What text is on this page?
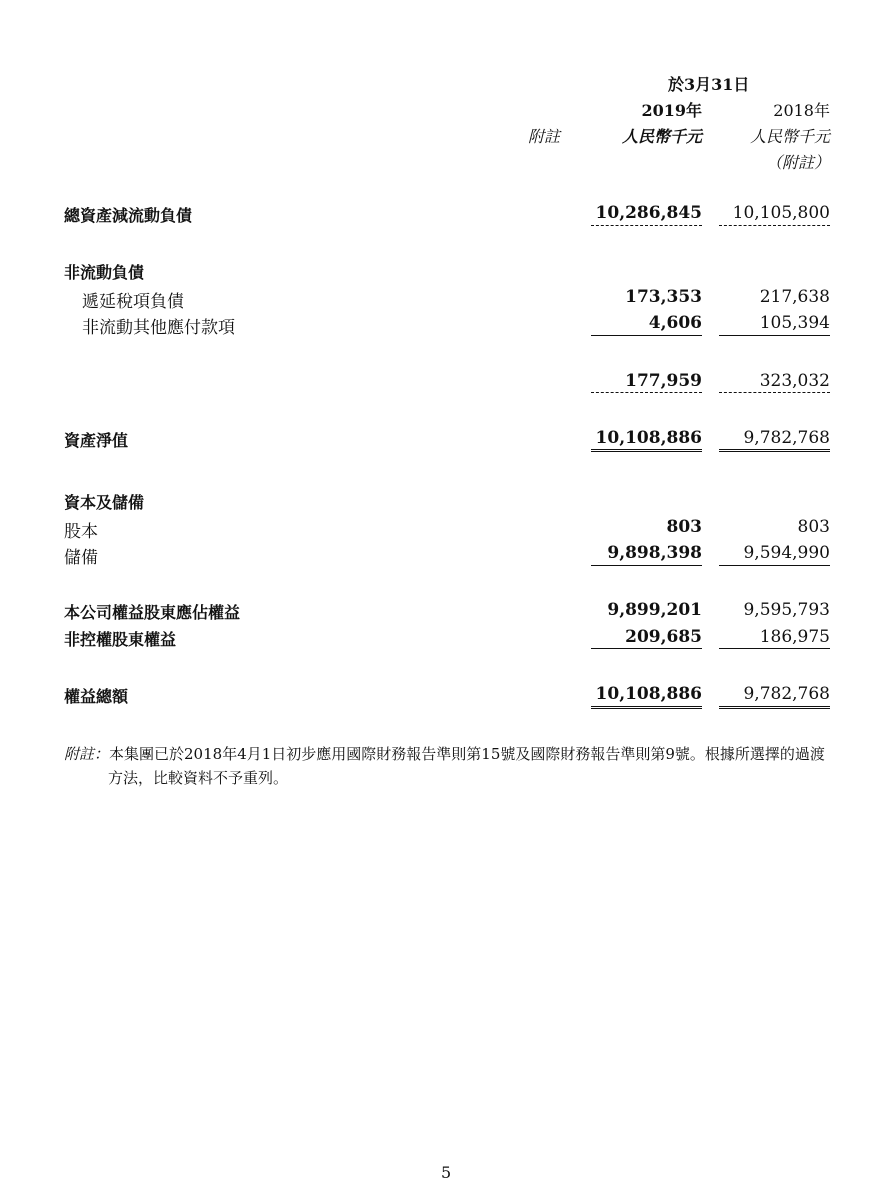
於3月31日
2019年	2018年
附註	人民幣千元	人民幣千元
（附註）
總資產減流動負債	10,286,845	10,105,800
非流動負債
遞延稅項負債	173,353	217,638
非流動其他應付款項	4,606	105,394
177,959	323,032
資產淨值	10,108,886	9,782,768
資本及儲備
股本	803	803
儲備	9,898,398	9,594,990
本公司權益股東應佔權益	9,899,201	9,595,793
非控權股東權益	209,685	186,975
權益總額	10,108,886	9,782,768
附註：本集團已於2018年4月1日初步應用國際財務報告準則第15號及國際財務報告準則第9號。根據所選擇的過渡
方法，比較資料不予重列。
5
